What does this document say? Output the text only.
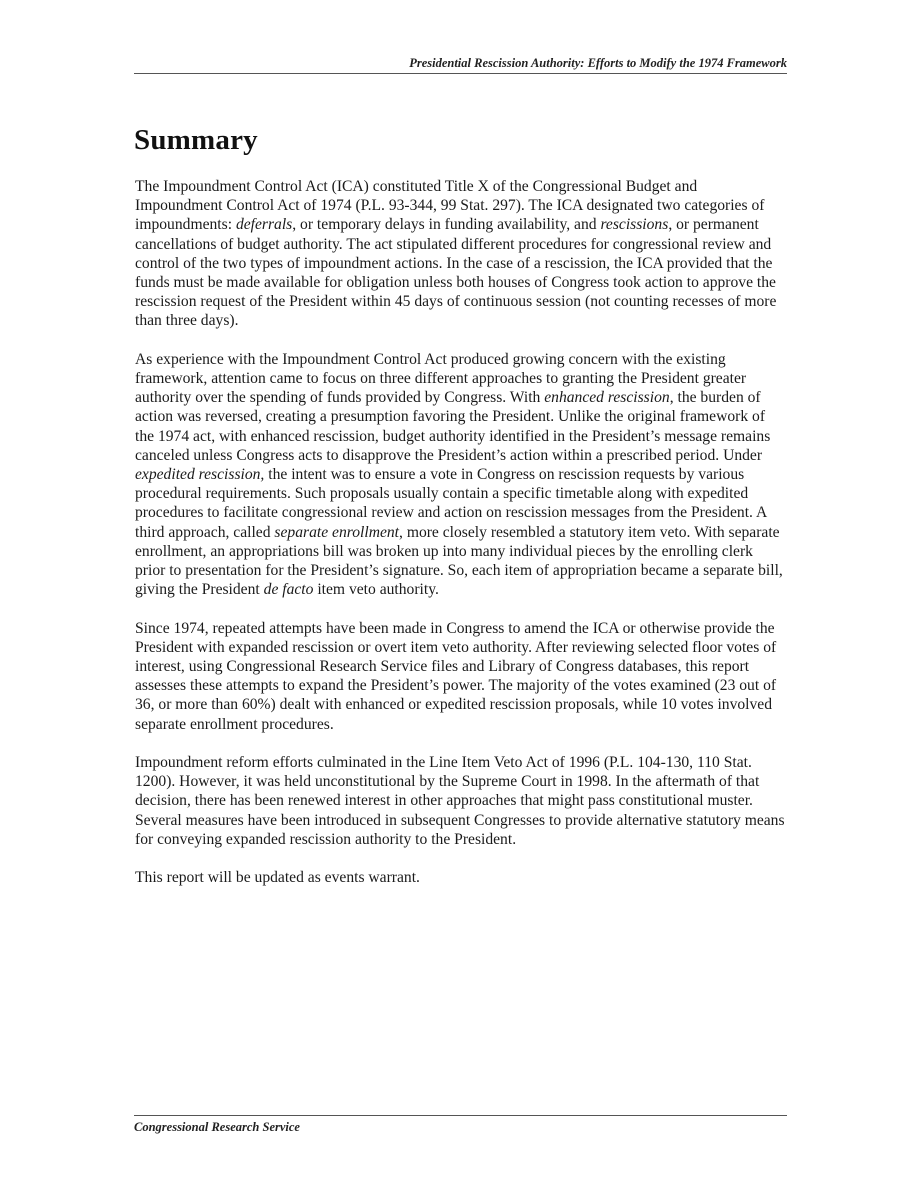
Presidential Rescission Authority: Efforts to Modify the 1974 Framework
Summary

The Impoundment Control Act (ICA) constituted Title X of the Congressional Budget and Impoundment Control Act of 1974 (P.L. 93-344, 99 Stat. 297). The ICA designated two categories of impoundments: deferrals, or temporary delays in funding availability, and rescissions, or permanent cancellations of budget authority. The act stipulated different procedures for congressional review and control of the two types of impoundment actions. In the case of a rescission, the ICA provided that the funds must be made available for obligation unless both houses of Congress took action to approve the rescission request of the President within 45 days of continuous session (not counting recesses of more than three days).

As experience with the Impoundment Control Act produced growing concern with the existing framework, attention came to focus on three different approaches to granting the President greater authority over the spending of funds provided by Congress. With enhanced rescission, the burden of action was reversed, creating a presumption favoring the President. Unlike the original framework of the 1974 act, with enhanced rescission, budget authority identified in the President’s message remains canceled unless Congress acts to disapprove the President’s action within a prescribed period. Under expedited rescission, the intent was to ensure a vote in Congress on rescission requests by various procedural requirements. Such proposals usually contain a specific timetable along with expedited procedures to facilitate congressional review and action on rescission messages from the President. A third approach, called separate enrollment, more closely resembled a statutory item veto. With separate enrollment, an appropriations bill was broken up into many individual pieces by the enrolling clerk prior to presentation for the President’s signature. So, each item of appropriation became a separate bill, giving the President de facto item veto authority.

Since 1974, repeated attempts have been made in Congress to amend the ICA or otherwise provide the President with expanded rescission or overt item veto authority. After reviewing selected floor votes of interest, using Congressional Research Service files and Library of Congress databases, this report assesses these attempts to expand the President’s power. The majority of the votes examined (23 out of 36, or more than 60%) dealt with enhanced or expedited rescission proposals, while 10 votes involved separate enrollment procedures.

Impoundment reform efforts culminated in the Line Item Veto Act of 1996 (P.L. 104-130, 110 Stat. 1200). However, it was held unconstitutional by the Supreme Court in 1998. In the aftermath of that decision, there has been renewed interest in other approaches that might pass constitutional muster. Several measures have been introduced in subsequent Congresses to provide alternative statutory means for conveying expanded rescission authority to the President.

This report will be updated as events warrant.

Congressional Research Service
